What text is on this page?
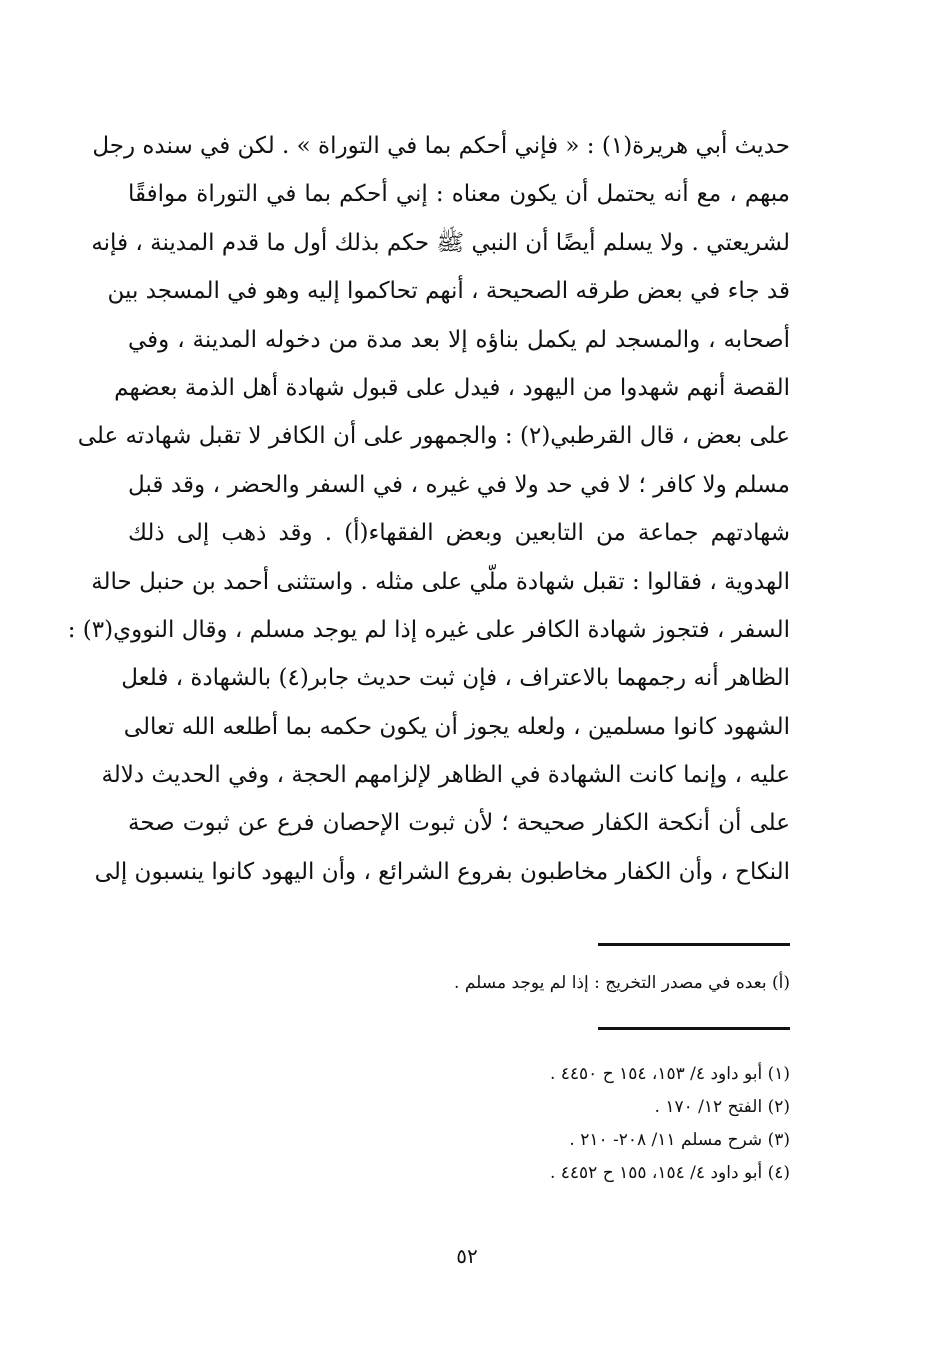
حديث أبي هريرة(١) : « فإني أحكم بما في التوراة » . لكن في سنده رجل
مبهم ، مع أنه يحتمل أن يكون معناه : إني أحكم بما في التوراة موافقًا
لشريعتي . ولا يسلم أيضًا أن النبي ﷺ حكم بذلك أول ما قدم المدينة ، فإنه
قد جاء في بعض طرقه الصحيحة ، أنهم تحاكموا إليه وهو في المسجد بين
أصحابه ، والمسجد لم يكمل بناؤه إلا بعد مدة من دخوله المدينة ، وفي
القصة أنهم شهدوا من اليهود ، فيدل على قبول شهادة أهل الذمة بعضهم
على بعض ، قال القرطبي(٢) : والجمهور على أن الكافر لا تقبل شهادته على
مسلم ولا كافر ؛ لا في حد ولا في غيره ، في السفر والحضر ، وقد قبل
شهادتهم جماعة من التابعين وبعض الفقهاء(أ) . وقد ذهب إلى ذلك
الهدوية ، فقالوا : تقبل شهادة ملّي على مثله . واستثنى أحمد بن حنبل حالة
السفر ، فتجوز شهادة الكافر على غيره إذا لم يوجد مسلم ، وقال النووي(٣) :
الظاهر أنه رجمهما بالاعتراف ، فإن ثبت حديث جابر(٤) بالشهادة ، فلعل
الشهود كانوا مسلمين ، ولعله يجوز أن يكون حكمه بما أطلعه الله تعالى
عليه ، وإنما كانت الشهادة في الظاهر لإلزامهم الحجة ، وفي الحديث دلالة
على أن أنكحة الكفار صحيحة ؛ لأن ثبوت الإحصان فرع عن ثبوت صحة
النكاح ، وأن الكفار مخاطبون بفروع الشرائع ، وأن اليهود كانوا ينسبون إلى
(أ) بعده في مصدر التخريج : إذا لم يوجد مسلم .
(١) أبو داود ٤/ ١٥٣، ١٥٤ ح ٤٤٥٠ .
(٢) الفتح ١٢/ ١٧٠ .
(٣) شرح مسلم ١١/ ٢٠٨- ٢١٠ .
(٤) أبو داود ٤/ ١٥٤، ١٥٥ ح ٤٤٥٢ .
٥٢
